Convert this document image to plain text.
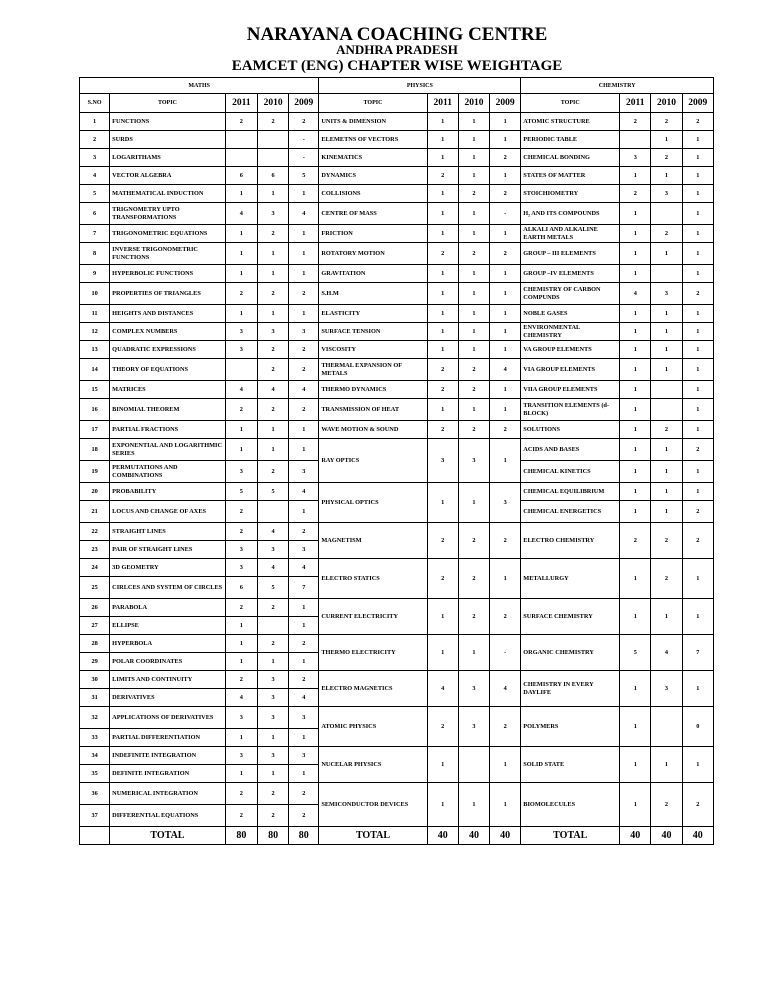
NARAYANA COACHING CENTRE
ANDHRA PRADESH
EAMCET (ENG) CHAPTER WISE WEIGHTAGE
MATHS					PHYSICS				CHEMISTRY			
S.NO	TOPIC	2011	2010	2009	TOPIC	2011	2010	2009	TOPIC	2011	2010	2009
1	FUNCTIONS	2	2	2	UNITS & DIMENSION	1	1	1	ATOMIC STRUCTURE	2	2	2
2	SURDS			-	ELEMETNS OF VECTORS	1	1	1	PERIODIC TABLE		1	1
3	LOGARITHAMS			-	KINEMATICS	1	1	2	CHEMICAL BONDING	3	2	1
4	VECTOR ALGEBRA	6	6	5	DYNAMICS	2	1	1	STATES OF MATTER	1	1	1
5	MATHEMATICAL INDUCTION	1	1	1	COLLISIONS	1	2	2	STOICHIOMETRY	2	3	1
6	TRIGNOMETRY UPTO TRANSFORMATIONS	4	3	4	CENTRE OF MASS	1	1	-	H₂ AND ITS COMPOUNDS	1		1
7	TRIGONOMETRIC EQUATIONS	1	2	1	FRICTION	1	1	1	ALKALI AND ALKALINE EARTH METALS	1	2	1
8	INVERSE TRIGONOMETRIC FUNCTIONS	1	1	1	ROTATORY MOTION	2	2	2	GROUP – III ELEMENTS	1	1	1
9	HYPERBOLIC FUNCTIONS	1	1	1	GRAVITATION	1	1	1	GROUP –IV ELEMENTS	1		1
10	PROPERTIES OF TRIANGLES	2	2	2	S.H.M	1	1	1	CHEMISTRY OF CARBON COMPUNDS	4	3	2
11	HEIGHTS AND DISTANCES	1	1	1	ELASTICITY	1	1	1	NOBLE GASES	1	1	1
12	COMPLEX NUMBERS	3	3	3	SURFACE TENSION	1	1	1	ENVIRONMENTAL CHEMISTRY	1	1	1
13	QUADRATIC EXPRESSIONS	3	2	2	VISCOSITY	1	1	1	VA GROUP ELEMENTS	1	1	1
14	THEORY OF EQUATIONS		2	2	THERMAL EXPANSION OF METALS	2	2	4	VIA GROUP ELEMENTS	1	1	1
15	MATRICES	4	4	4	THERMO DYNAMICS	2	2	1	VIIA GROUP ELEMENTS	1		1
16	BINOMIAL THEOREM	2	2	2	TRANSMISSION OF HEAT	1	1	1	TRANSITION ELEMENTS (d-BLOCK)	1		1
17	PARTIAL FRACTIONS	1	1	1	WAVE MOTION & SOUND	2	2	2	SOLUTIONS	1	2	1
18	EXPONENTIAL AND LOGARITHMIC SERIES	1	1	1	RAY OPTICS	3	3	1	ACIDS AND BASES	1	1	2
19	PERMUTATIONS AND COMBINATIONS	3	2	3					CHEMICAL KINETICS	1	1	1
20	PROBABILITY	5	5	4	PHYSICAL OPTICS	1	1	3	CHEMICAL EQUILIBRIUM	1	1	1
21	LOCUS AND CHANGE OF AXES	2		1					CHEMICAL ENERGETICS	1	1	2
22	STRAIGHT LINES	2	4	2	MAGNETISM	2	2	2	ELECTRO CHEMISTRY	2	2	2
23	PAIR OF STRAIGHT LINES	3	3	3								
24	3D GEOMETRY	3	4	4	ELECTRO STATICS	2	2	1	METALLURGY	1	2	1
25	CIRLCES AND SYSTEM OF CIRCLES	6	5	7								
26	PARABOLA	2	2	1	CURRENT ELECTRICITY	1	2	2	SURFACE CHEMISTRY	1	1	1
27	ELLIPSE	1		1								
28	HYPERBOLA	1	2	2	THERMO ELECTRICITY	1	1	-	ORGANIC CHEMISTRY	5	4	7
29	POLAR COORDINATES	1	1	1								
30	LIMITS AND CONTINUITY	2	3	2	ELECTRO MAGNETICS	4	3	4	CHEMISTRY IN EVERY DAYLIFE	1	3	1
31	DERIVATIVES	4	3	4								
32	APPLICATIONS OF DERIVATIVES	3	3	3	ATOMIC PHYSICS	2	3	2	POLYMERS	1		0
33	PARTIAL DIFFERENTIATION	1	1	1								
34	INDEFINITE INTEGRATION	3	3	3	NUCELAR PHYSICS	1		1	SOLID STATE	1	1	1
35	DEFINITE INTEGRATION	1	1	1								
36	NUMERICAL INTEGRATION	2	2	2	SEMICONDUCTOR DEVICES	1	1	1	BIOMOLECULES	1	2	2
37	DIFFERENTIAL EQUATIONS	2	2	2								
	TOTAL	80	80	80	TOTAL	40	40	40	TOTAL	40	40	40
